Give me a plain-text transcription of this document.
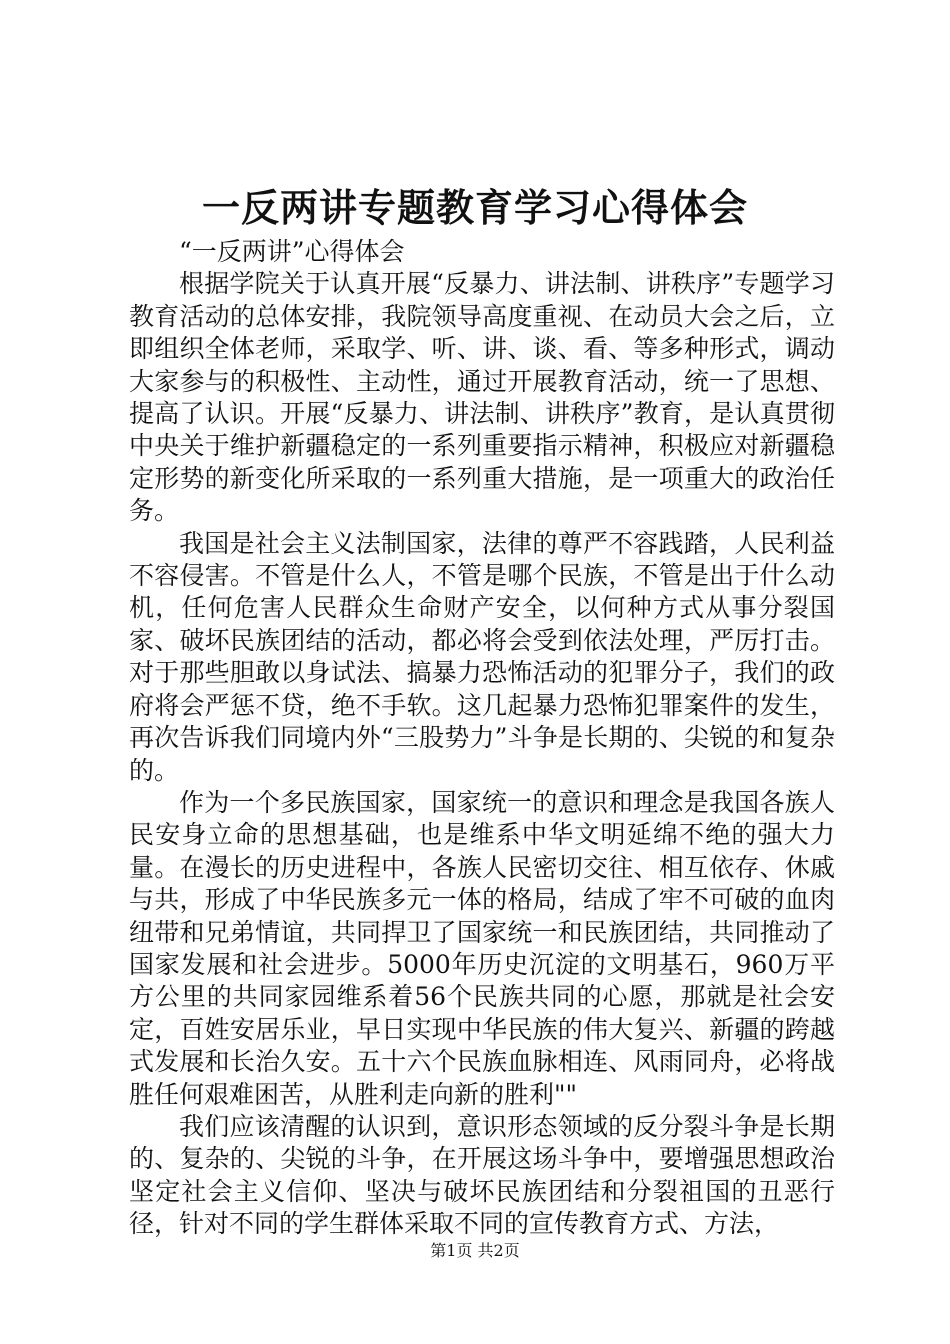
一反两讲专题教育学习心得体会

“一反两讲”心得体会

根据学院关于认真开展“反暴力、讲法制、讲秩序”专题学习教育活动的总体安排，我院领导高度重视、在动员大会之后，立即组织全体老师，采取学、听、讲、谈、看、等多种形式，调动大家参与的积极性、主动性，通过开展教育活动，统一了思想、提高了认识。开展“反暴力、讲法制、讲秩序”教育，是认真贯彻中央关于维护新疆稳定的一系列重要指示精神，积极应对新疆稳定形势的新变化所采取的一系列重大措施，是一项重大的政治任务。

我国是社会主义法制国家，法律的尊严不容践踏，人民利益不容侵害。不管是什么人，不管是哪个民族，不管是出于什么动机，任何危害人民群众生命财产安全，以何种方式从事分裂国家、破坏民族团结的活动，都必将会受到依法处理，严厉打击。对于那些胆敢以身试法、搞暴力恐怖活动的犯罪分子，我们的政府将会严惩不贷，绝不手软。这几起暴力恐怖犯罪案件的发生，再次告诉我们同境内外“三股势力”斗争是长期的、尖锐的和复杂的。

作为一个多民族国家，国家统一的意识和理念是我国各族人民安身立命的思想基础，也是维系中华文明延绵不绝的强大力量。在漫长的历史进程中，各族人民密切交往、相互依存、休戚与共，形成了中华民族多元一体的格局，结成了牢不可破的血肉纽带和兄弟情谊，共同捍卫了国家统一和民族团结，共同推动了国家发展和社会进步。5000年历史沉淀的文明基石，960万平方公里的共同家园维系着56个民族共同的心愿，那就是社会安定，百姓安居乐业，早日实现中华民族的伟大复兴、新疆的跨越式发展和长治久安。五十六个民族血脉相连、风雨同舟，必将战胜任何艰难困苦，从胜利走向新的胜利""

我们应该清醒的认识到，意识形态领域的反分裂斗争是长期的、复杂的、尖锐的斗争，在开展这场斗争中，要增强思想政治坚定社会主义信仰、坚决与破坏民族团结和分裂祖国的丑恶行径，针对不同的学生群体采取不同的宣传教育方式、方法，

第1页 共2页
